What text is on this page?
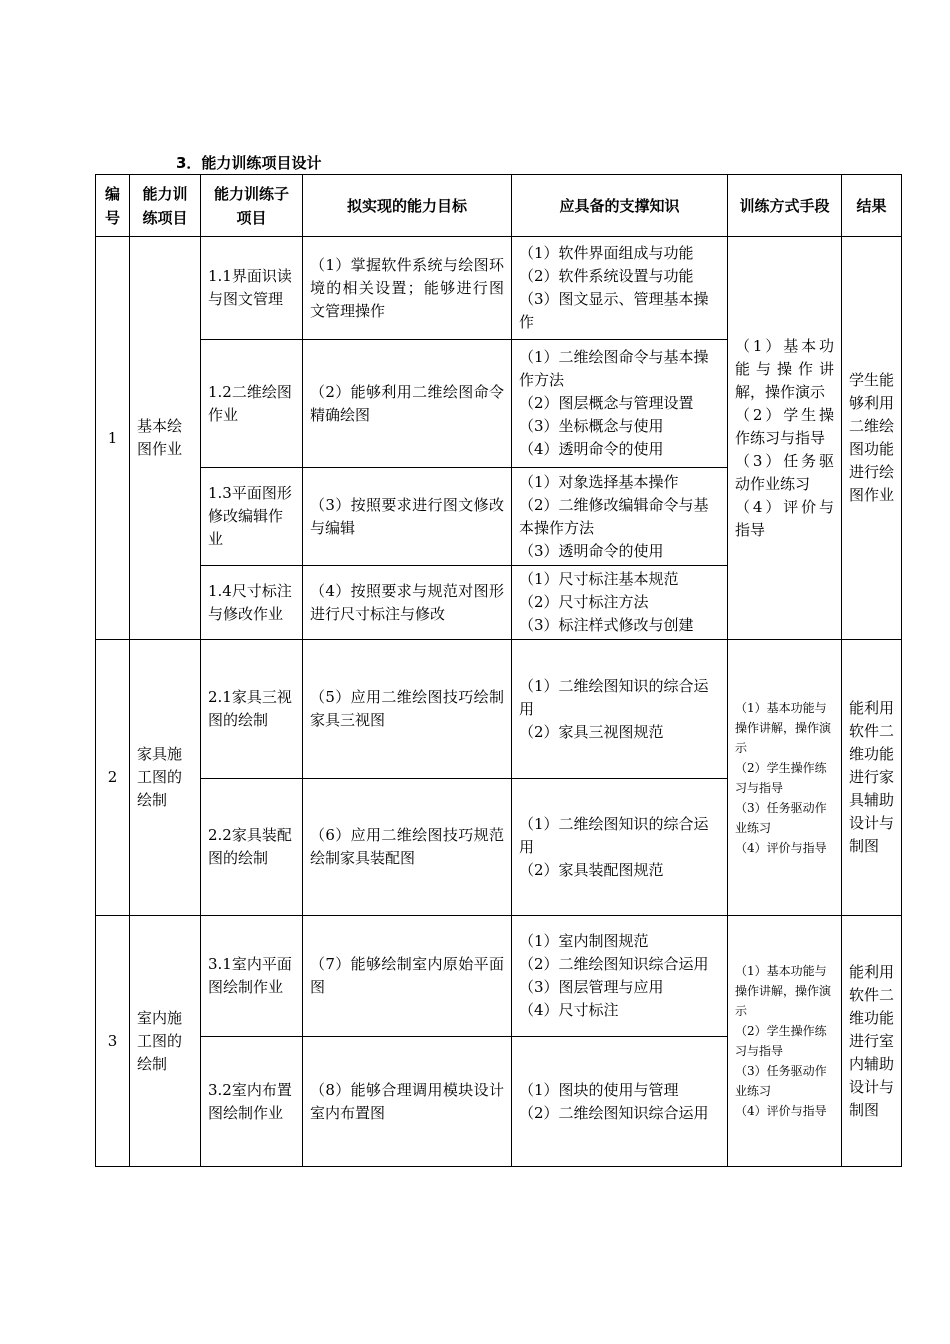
3．能力训练项目设计
编号	能力训练项目	能力训练子项目	拟实现的能力目标	应具备的支撑知识	训练方式手段	结果
1	基本绘图作业	1.1界面识读与图文管理	（1）掌握软件系统与绘图环境的相关设置；能够进行图文管理操作	（1）软件界面组成与功能
（2）软件系统设置与功能
（3）图文显示、管理基本操作	（1）基本功能与操作讲解，操作演示
（2）学生操作练习与指导
（3）任务驱动作业练习
（4）评价与指导	学生能够利用二维绘图功能进行绘图作业
		1.2二维绘图作业	（2）能够利用二维绘图命令精确绘图	（1）二维绘图命令与基本操作方法
（2）图层概念与管理设置
（3）坐标概念与使用
（4）透明命令的使用		

		1.3平面图形修改编辑作业	（3）按照要求进行图文修改与编辑	（1）对象选择基本操作
（2）二维修改编辑命令与基本操作方法
（3）透明命令的使用		

		1.4尺寸标注与修改作业	（4）按照要求与规范对图形进行尺寸标注与修改	（1）尺寸标注基本规范
（2）尺寸标注方法
（3）标注样式修改与创建		

2	家具施工图的绘制	2.1家具三视图的绘制	（5）应用二维绘图技巧绘制家具三视图	（1）二维绘图知识的综合运用
（2）家具三视图规范	（1）基本功能与操作讲解，操作演示
（2）学生操作练习与指导
（3）任务驱动作业练习
（4）评价与指导	能利用软件二维功能进行家具辅助设计与制图
		2.2家具装配图的绘制	（6）应用二维绘图技巧规范绘制家具装配图	（1）二维绘图知识的综合运用
（2）家具装配图规范		

3	室内施工图的绘制	3.1室内平面图绘制作业	（7）能够绘制室内原始平面图	（1）室内制图规范
（2）二维绘图知识综合运用
（3）图层管理与应用
（4）尺寸标注	（1）基本功能与操作讲解，操作演示
（2）学生操作练习与指导
（3）任务驱动作业练习
（4）评价与指导	能利用软件二维功能进行室内辅助设计与制图
		3.2室内布置图绘制作业	（8）能够合理调用模块设计室内布置图	（1）图块的使用与管理
（2）二维绘图知识综合运用		
